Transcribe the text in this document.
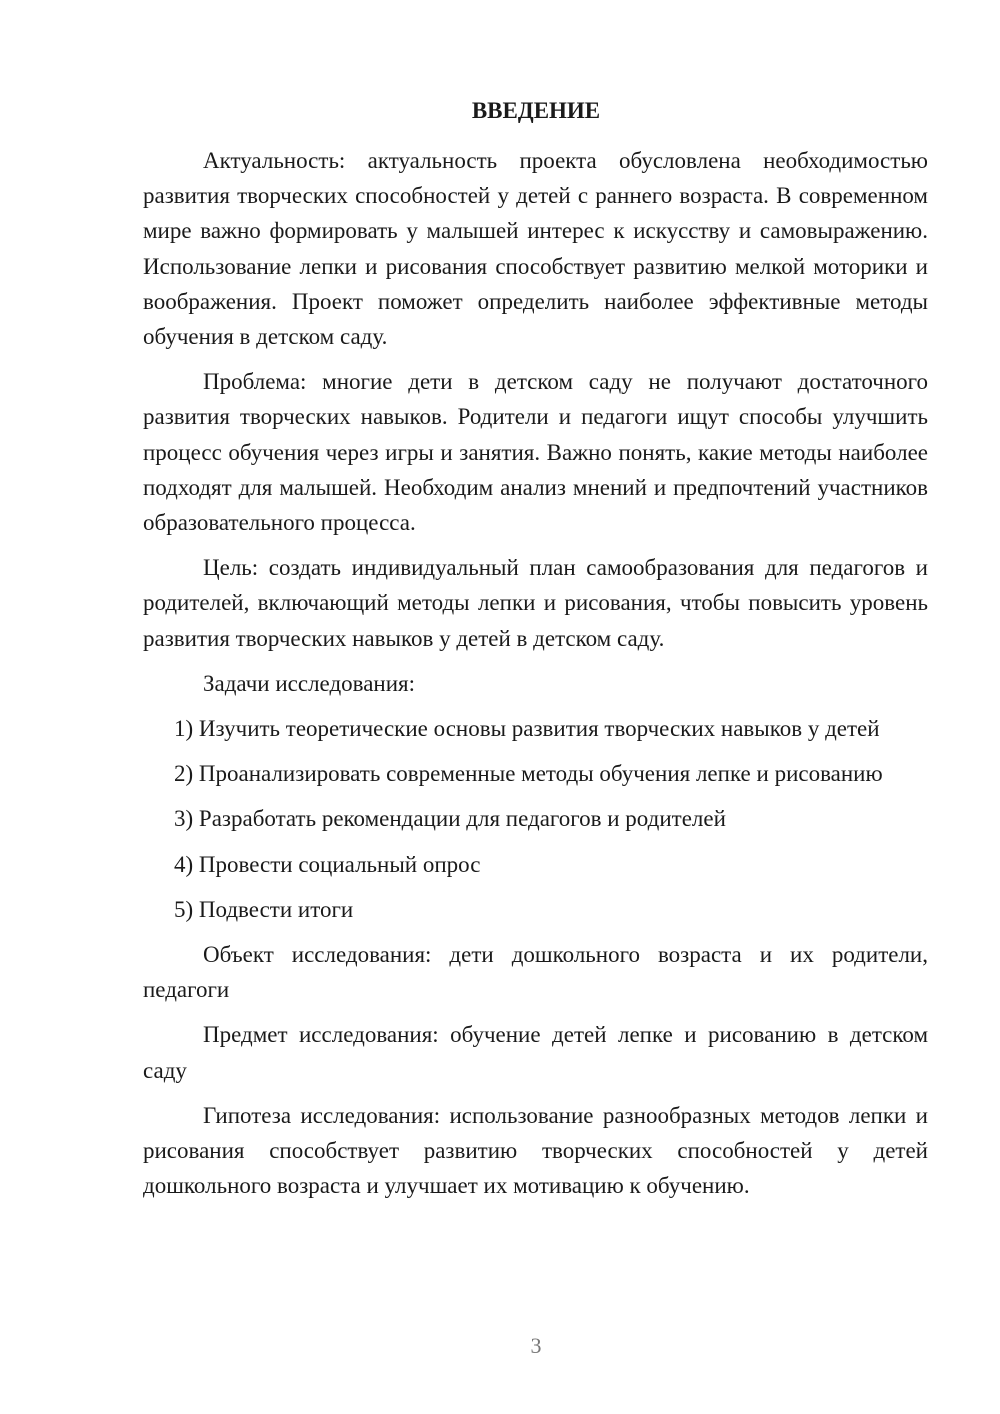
ВВЕДЕНИЕ

Актуальность: актуальность проекта обусловлена необходимостью развития творческих способностей у детей с раннего возраста. В современном мире важно формировать у малышей интерес к искусству и самовыражению. Использование лепки и рисования способствует развитию мелкой моторики и воображения. Проект поможет определить наиболее эффективные методы обучения в детском саду.

Проблема: многие дети в детском саду не получают достаточного развития творческих навыков. Родители и педагоги ищут способы улучшить процесс обучения через игры и занятия. Важно понять, какие методы наиболее подходят для малышей. Необходим анализ мнений и предпочтений участников образовательного процесса.

Цель: создать индивидуальный план самообразования для педагогов и родителей, включающий методы лепки и рисования, чтобы повысить уровень развития творческих навыков у детей в детском саду.

Задачи исследования:

1) Изучить теоретические основы развития творческих навыков у детей

2) Проанализировать современные методы обучения лепке и рисованию

3) Разработать рекомендации для педагогов и родителей

4) Провести социальный опрос

5) Подвести итоги

Объект исследования: дети дошкольного возраста и их родители, педагоги

Предмет исследования: обучение детей лепке и рисованию в детском саду

Гипотеза исследования: использование разнообразных методов лепки и рисования способствует развитию творческих способностей у детей дошкольного возраста и улучшает их мотивацию к обучению.

3
